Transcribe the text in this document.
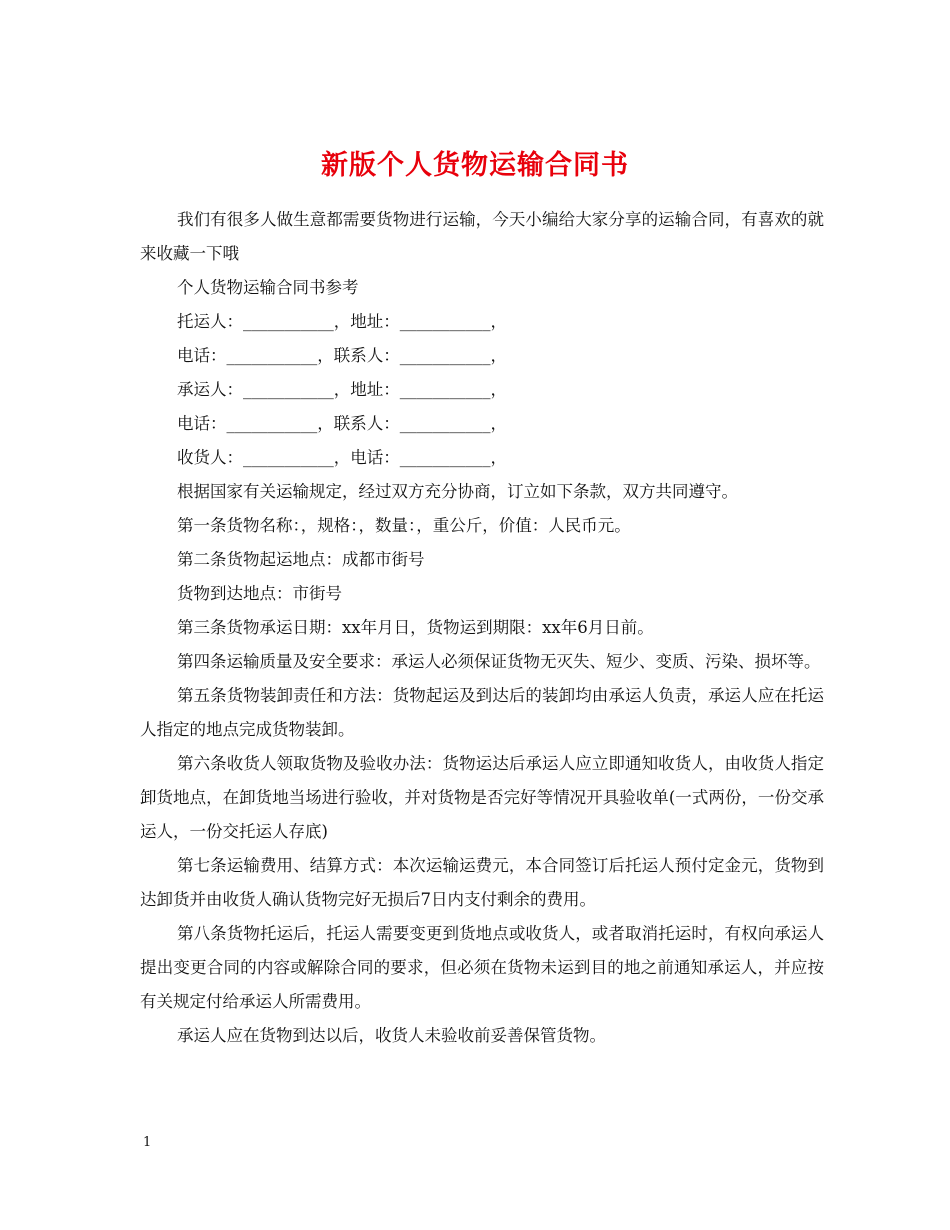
新版个人货物运输合同书

我们有很多人做生意都需要货物进行运输，今天小编给大家分享的运输合同，有喜欢的就来收藏一下哦

个人货物运输合同书参考

托运人：___________，地址：___________，

电话：___________，联系人：___________，

承运人：___________，地址：___________，

电话：___________，联系人：___________，

收货人：___________，电话：___________，

根据国家有关运输规定，经过双方充分协商，订立如下条款，双方共同遵守。

第一条货物名称：，规格：，数量：，重公斤，价值：人民币元。

第二条货物起运地点：成都市街号

货物到达地点：市街号

第三条货物承运日期：xx年月日，货物运到期限：xx年6月日前。

第四条运输质量及安全要求：承运人必须保证货物无灭失、短少、变质、污染、损坏等。

第五条货物装卸责任和方法：货物起运及到达后的装卸均由承运人负责，承运人应在托运人指定的地点完成货物装卸。

第六条收货人领取货物及验收办法：货物运达后承运人应立即通知收货人，由收货人指定卸货地点，在卸货地当场进行验收，并对货物是否完好等情况开具验收单(一式两份，一份交承运人，一份交托运人存底)

第七条运输费用、结算方式：本次运输运费元，本合同签订后托运人预付定金元，货物到达卸货并由收货人确认货物完好无损后7日内支付剩余的费用。

第八条货物托运后，托运人需要变更到货地点或收货人，或者取消托运时，有权向承运人提出变更合同的内容或解除合同的要求，但必须在货物未运到目的地之前通知承运人，并应按有关规定付给承运人所需费用。

承运人应在货物到达以后，收货人未验收前妥善保管货物。

1
